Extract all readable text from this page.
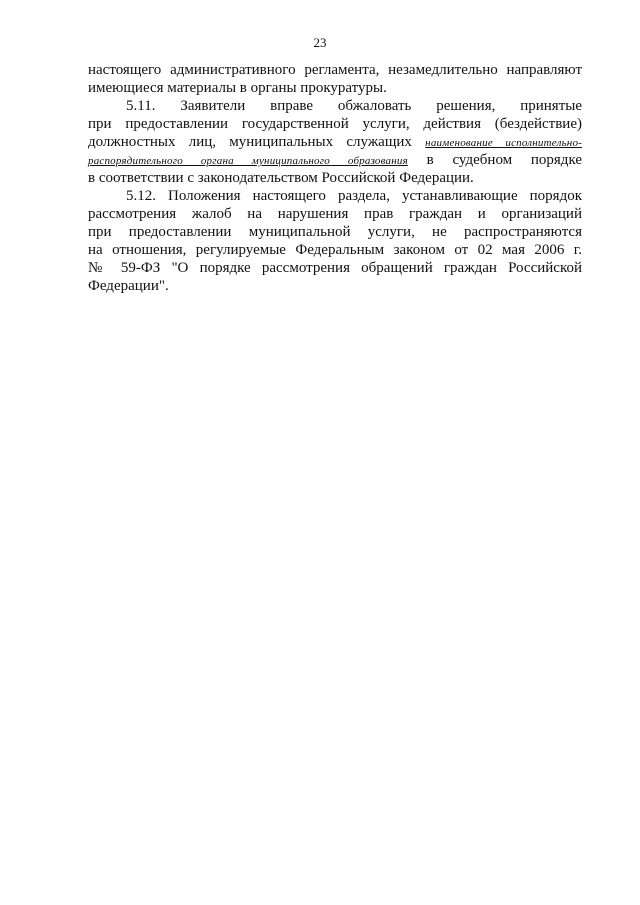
23
настоящего административного регламента, незамедлительно направляют
имеющиеся материалы в органы прокуратуры.
5.11. Заявители вправе обжаловать решения, принятые
при предоставлении государственной услуги, действия (бездействие)
должностных лиц, муниципальных служащих наименование исполнительно-
распорядительного органа муниципального образования в судебном порядке
в соответствии с законодательством Российской Федерации.
5.12. Положения настоящего раздела, устанавливающие порядок
рассмотрения жалоб на нарушения прав граждан и организаций
при предоставлении муниципальной услуги, не распространяются
на отношения, регулируемые Федеральным законом от 02 мая 2006 г.
№ 59-ФЗ "О порядке рассмотрения обращений граждан Российской
Федерации".
